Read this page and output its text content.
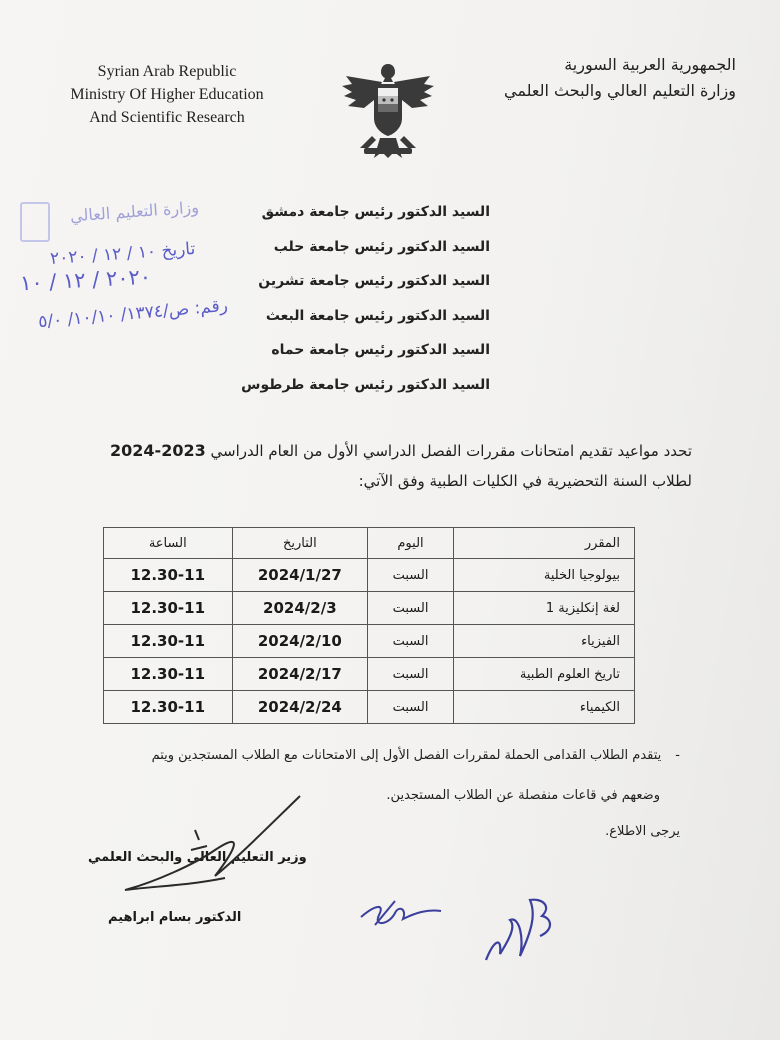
Syrian Arab Republic
Ministry Of Higher Education
And Scientific Research
الجمهورية العربية السورية
وزارة التعليم العالي والبحث العلمي
وزارة التعليم العالي
تاريخ ١٠ / ١٢ / ٢٠٢٠
٢٠٢٠ / ١٢ / ١٠
رقم: ص/١٣٧٤/ ١٠/١٠/ ٥/٠
السيد الدكتور رئيس جامعة دمشق
السيد الدكتور رئيس جامعة حلب
السيد الدكتور رئيس جامعة تشرين
السيد الدكتور رئيس جامعة البعث
السيد الدكتور رئيس جامعة حماه
السيد الدكتور رئيس جامعة طرطوس
تحدد مواعيد تقديم امتحانات مقررات الفصل الدراسي الأول من العام الدراسي 2024-2023
لطلاب السنة التحضيرية في الكليات الطبية وفق الآتي:
المقرر	اليوم	التاريخ	الساعة
بيولوجيا الخلية	السبت	2024/1/27	12.30-11
لغة إنكليزية 1	السبت	2024/2/3	12.30-11
الفيزياء	السبت	2024/2/10	12.30-11
تاريخ العلوم الطبية	السبت	2024/2/17	12.30-11
الكيمياء	السبت	2024/2/24	12.30-11
-يتقدم الطلاب القدامى الحملة لمقررات الفصل الأول إلى الامتحانات مع الطلاب المستجدين ويتم
وضعهم في قاعات منفصلة عن الطلاب المستجدين.
يرجى الاطلاع.
وزير التعليم العالي والبحث العلمي
الدكتور بسام ابراهيم
